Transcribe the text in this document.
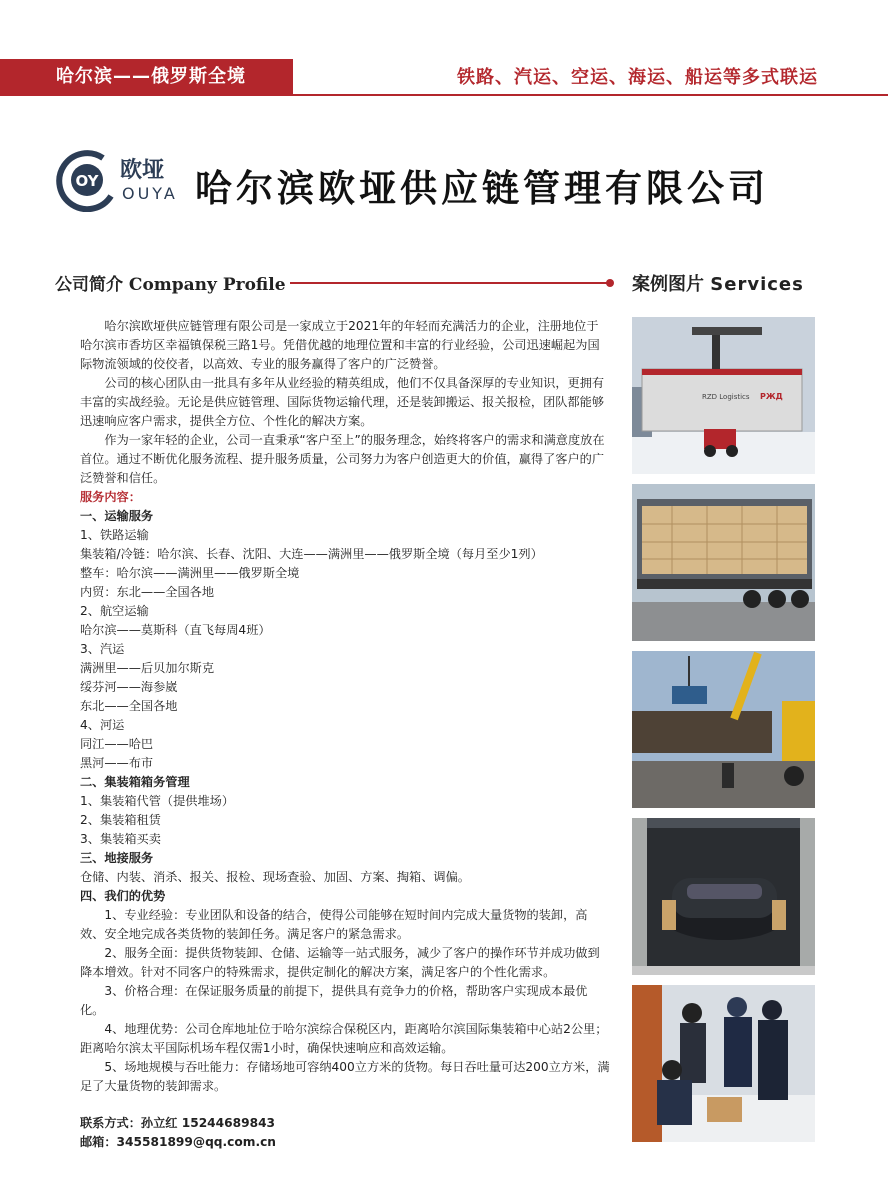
哈尔滨——俄罗斯全境	铁路、汽运、空运、海运、船运等多式联运
OY 欧垭
OUYA 哈尔滨欧垭供应链管理有限公司
公司简介 Company Profile	案例图片 Services

哈尔滨欧垭供应链管理有限公司是一家成立于2021年的年轻而充满活力的企业，注册地位于哈尔滨市香坊区幸福镇保税三路1号。凭借优越的地理位置和丰富的行业经验，公司迅速崛起为国际物流领域的佼佼者，以高效、专业的服务赢得了客户的广泛赞誉。

公司的核心团队由一批具有多年从业经验的精英组成，他们不仅具备深厚的专业知识，更拥有丰富的实战经验。无论是供应链管理、国际货物运输代理，还是装卸搬运、报关报检，团队都能够迅速响应客户需求，提供全方位、个性化的解决方案。

作为一家年轻的企业，公司一直秉承“客户至上”的服务理念，始终将客户的需求和满意度放在首位。通过不断优化服务流程、提升服务质量，公司努力为客户创造更大的价值，赢得了客户的广泛赞誉和信任。

服务内容：

一、运输服务

1、铁路运输

集装箱/冷链：哈尔滨、长春、沈阳、大连——满洲里——俄罗斯全境（每月至少1列）

整车：哈尔滨——满洲里——俄罗斯全境

内贸：东北——全国各地

2、航空运输

哈尔滨——莫斯科（直飞每周4班）

3、汽运

满洲里——后贝加尔斯克

绥芬河——海参崴

东北——全国各地

4、河运

同江——哈巴

黑河——布市

二、集装箱箱务管理

1、集装箱代管（提供堆场）

2、集装箱租赁

3、集装箱买卖

三、地接服务

仓储、内装、消杀、报关、报检、现场查验、加固、方案、掏箱、调偏。

四、我们的优势

1、专业经验：专业团队和设备的结合，使得公司能够在短时间内完成大量货物的装卸，高效、安全地完成各类货物的装卸任务。满足客户的紧急需求。

2、服务全面：提供货物装卸、仓储、运输等一站式服务，减少了客户的操作环节并成功做到降本增效。针对不同客户的特殊需求，提供定制化的解决方案，满足客户的个性化需求。

3、价格合理：在保证服务质量的前提下，提供具有竞争力的价格，帮助客户实现成本最优化。

4、地理优势：公司仓库地址位于哈尔滨综合保税区内，距离哈尔滨国际集装箱中心站2公里；距离哈尔滨太平国际机场车程仅需1小时，确保快速响应和高效运输。

5、场地规模与吞吐能力：存储场地可容纳400立方米的货物。每日吞吐量可达200立方米，满足了大量货物的装卸需求。

联系方式：孙立红 15244689843

邮箱：345581899@qq.com.cn

RZD Logistics РЖД
